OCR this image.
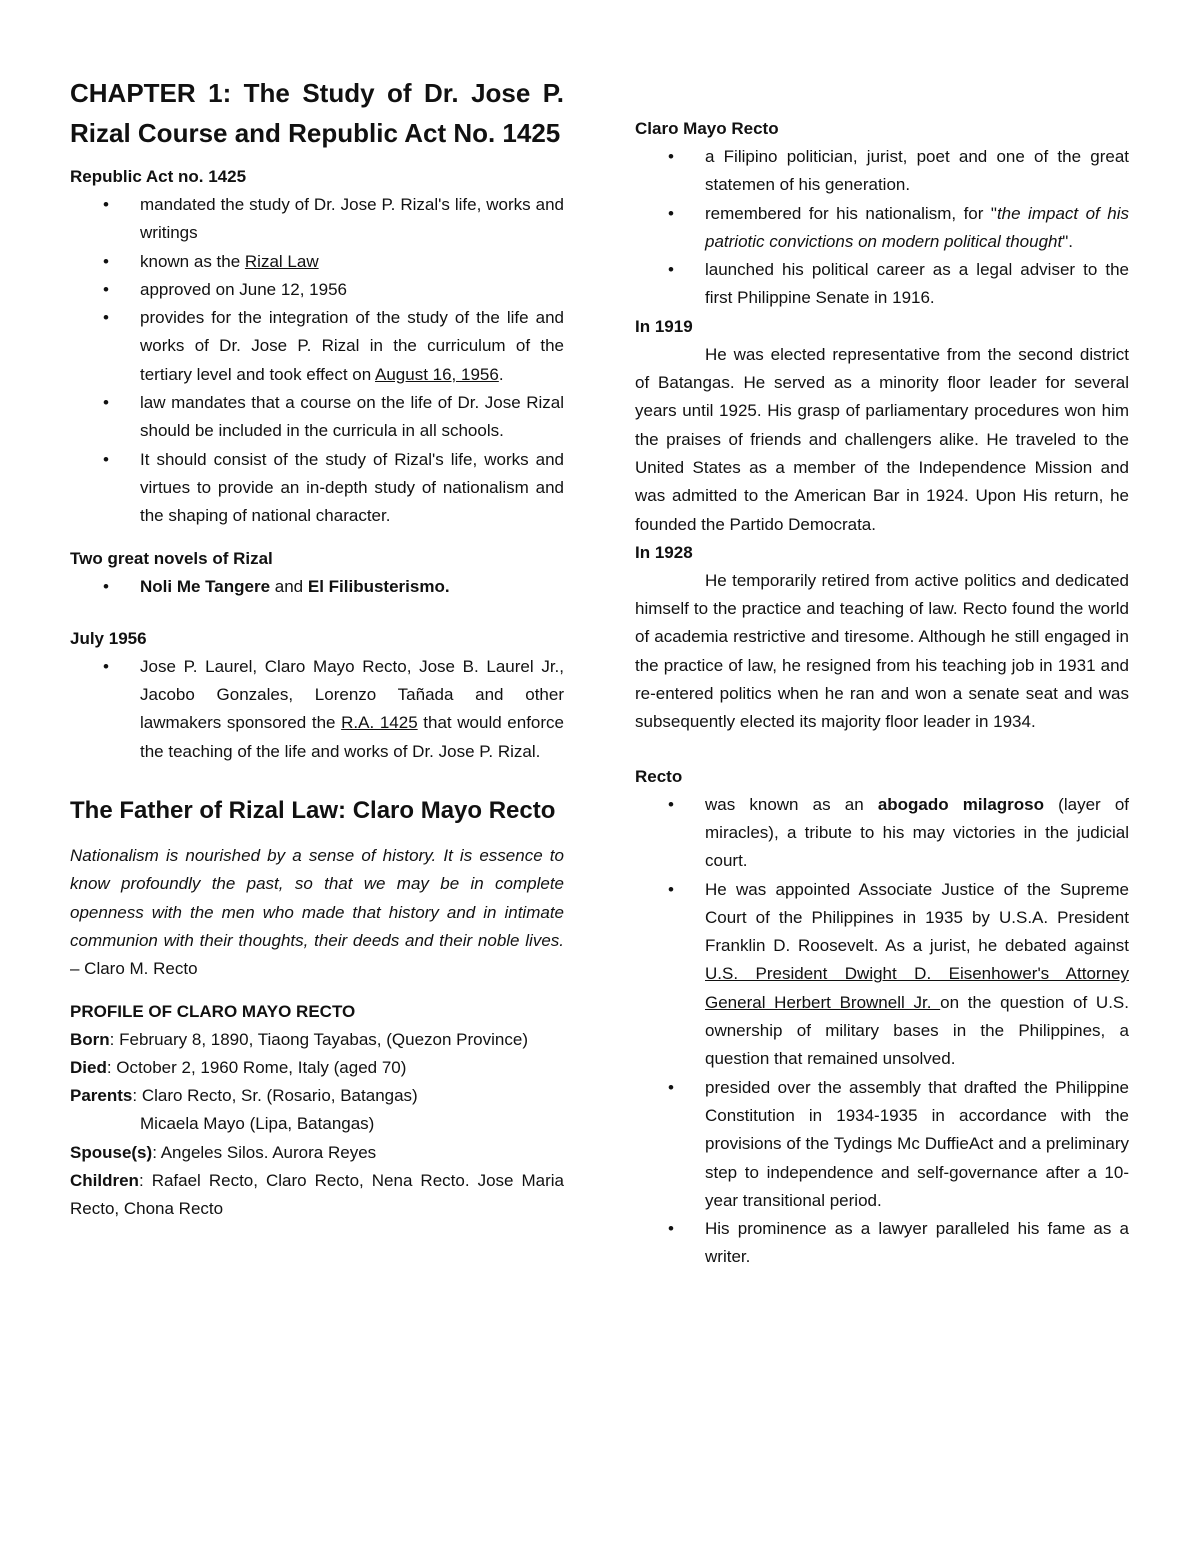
CHAPTER 1: The Study of Dr. Jose P. Rizal Course and Republic Act No. 1425
Republic Act no. 1425
• mandated the study of Dr. Jose P. Rizal's life, works and writings
• known as the Rizal Law
• approved on June 12, 1956
• provides for the integration of the study of the life and works of Dr. Jose P. Rizal in the curriculum of the tertiary level and took effect on August 16, 1956.
• law mandates that a course on the life of Dr. Jose Rizal should be included in the curricula in all schools.
• It should consist of the study of Rizal's life, works and virtues to provide an in-depth study of nationalism and the shaping of national character.
Two great novels of Rizal
• Noli Me Tangere and El Filibusterismo.
July 1956
• Jose P. Laurel, Claro Mayo Recto, Jose B. Laurel Jr., Jacobo Gonzales, Lorenzo Tañada and other lawmakers sponsored the R.A. 1425 that would enforce the teaching of the life and works of Dr. Jose P. Rizal.
The Father of Rizal Law: Claro Mayo Recto

Nationalism is nourished by a sense of history. It is essence to know profoundly the past, so that we may be in complete openness with the men who made that history and in intimate communion with their thoughts, their deeds and their noble lives. – Claro M. Recto

PROFILE OF CLARO MAYO RECTO
Born: February 8, 1890, Tiaong Tayabas, (Quezon Province)
Died: October 2, 1960 Rome, Italy (aged 70)
Parents: Claro Recto, Sr. (Rosario, Batangas)
Micaela Mayo (Lipa, Batangas)
Spouse(s): Angeles Silos. Aurora Reyes
Children: Rafael Recto, Claro Recto, Nena Recto. Jose Maria Recto, Chona Recto
Claro Mayo Recto
• a Filipino politician, jurist, poet and one of the great statemen of his generation.
• remembered for his nationalism, for "the impact of his patriotic convictions on modern political thought".
• launched his political career as a legal adviser to the first Philippine Senate in 1916.
In 1919

He was elected representative from the second district of Batangas. He served as a minority floor leader for several years until 1925. His grasp of parliamentary procedures won him the praises of friends and challengers alike. He traveled to the United States as a member of the Independence Mission and was admitted to the American Bar in 1924. Upon His return, he founded the Partido Democrata.

In 1928

He temporarily retired from active politics and dedicated himself to the practice and teaching of law. Recto found the world of academia restrictive and tiresome. Although he still engaged in the practice of law, he resigned from his teaching job in 1931 and re-entered politics when he ran and won a senate seat and was subsequently elected its majority floor leader in 1934.

Recto
• was known as an abogado milagroso (layer of miracles), a tribute to his may victories in the judicial court.
• He was appointed Associate Justice of the Supreme Court of the Philippines in 1935 by U.S.A. President Franklin D. Roosevelt. As a jurist, he debated against U.S. President Dwight D. Eisenhower's Attorney General Herbert Brownell Jr. on the question of U.S. ownership of military bases in the Philippines, a question that remained unsolved.
• presided over the assembly that drafted the Philippine Constitution in 1934-1935 in accordance with the provisions of the Tydings Mc DuffieAct and a preliminary step to independence and self-governance after a 10-year transitional period.
• His prominence as a lawyer paralleled his fame as a writer.
